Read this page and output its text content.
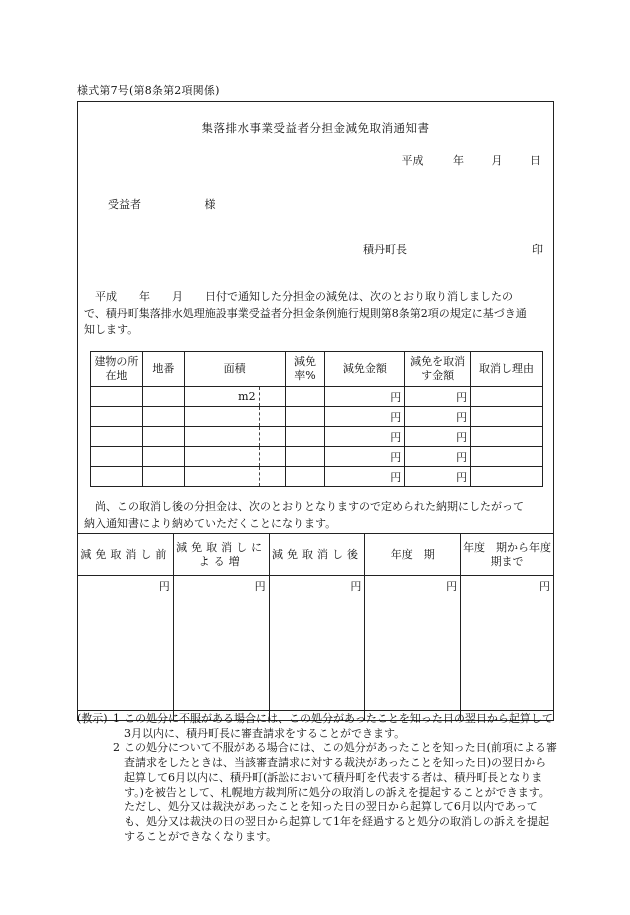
様式第7号(第8条第2項関係)
集落排水事業受益者分担金減免取消通知書
平成	年	月	日
受益者	様
積丹町長	印

　平成　　年　　月　　日付で通知した分担金の減免は、次のとおり取り消しましたの

で、積丹町集落排水処理施設事業受益者分担金条例施行規則第8条第2項の規定に基づき通

知します。

建物の所在地	地番	面積		減免率%	減免金額	減免を取消す金額	取消し理由
		m2			円	円	
					円	円	
					円	円	
					円	円	
					円	円	

　尚、この取消し後の分担金は、次のとおりとなりますので定められた納期にしたがって

納入通知書により納めていただくことになります。

減免取消し前	減免取消しによる増	減免取消し後	年度　期	年度　期から年度　期まで
円	円	円	円	円
(教示) 1 この処分に不服がある場合には、この処分があったことを知った日の翌日から起算して3月以内に、積丹町長に審査請求をすることができます。
2 この処分について不服がある場合には、この処分があったことを知った日(前項による審査請求をしたときは、当該審査請求に対する裁決があったことを知った日)の翌日から起算して6月以内に、積丹町(訴訟において積丹町を代表する者は、積丹町長となります。)を被告として、札幌地方裁判所に処分の取消しの訴えを提起することができます。ただし、処分又は裁決があったことを知った日の翌日から起算して6月以内であっても、処分又は裁決の日の翌日から起算して1年を経過すると処分の取消しの訴えを提起することができなくなります。
